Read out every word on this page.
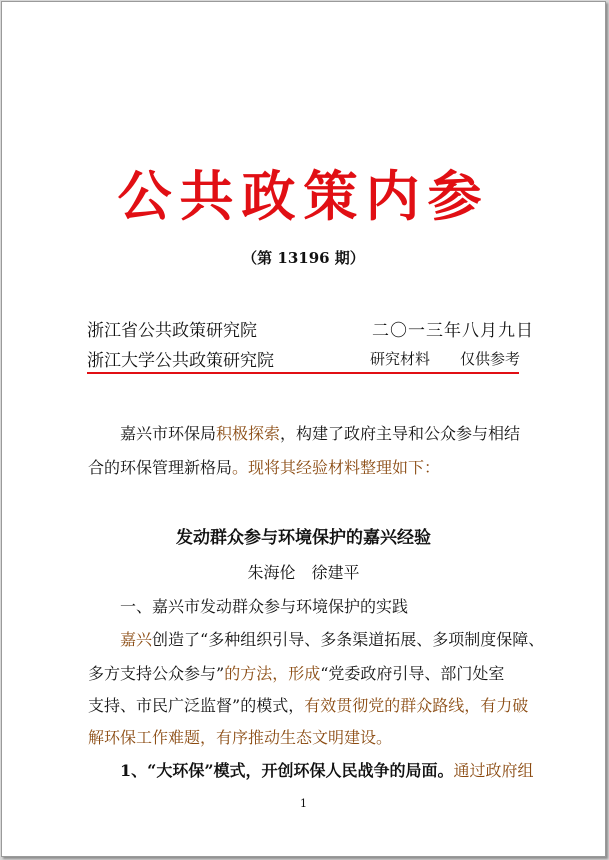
公共政策内参
（第 13196 期）
浙江省公共政策研究院	二〇一三年八月九日
浙江大学公共政策研究院	研究材料　　仅供参考
嘉兴市环保局积极探索，构建了政府主导和公众参与相结
合的环保管理新格局。现将其经验材料整理如下：
发动群众参与环境保护的嘉兴经验
朱海伦　徐建平
一、嘉兴市发动群众参与环境保护的实践
嘉兴创造了“多种组织引导、多条渠道拓展、多项制度保障、
多方支持公众参与”的方法，形成“党委政府引导、部门处室
支持、市民广泛监督”的模式，有效贯彻党的群众路线，有力破
解环保工作难题，有序推动生态文明建设。
1、“大环保”模式，开创环保人民战争的局面。通过政府组
1
